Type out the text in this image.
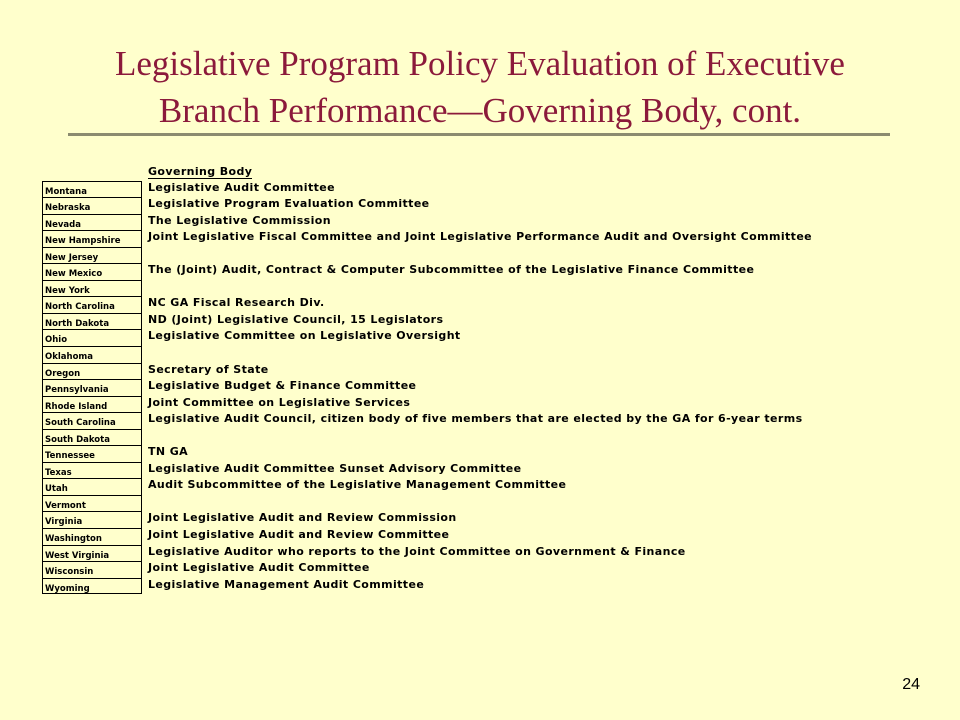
Legislative Program Policy Evaluation of Executive
Branch Performance—Governing Body, cont.
Governing Body
Montana	Legislative Audit Committee
Nebraska	Legislative Program Evaluation Committee
Nevada	The Legislative Commission
New Hampshire	Joint Legislative Fiscal Committee and Joint Legislative Performance Audit and Oversight Committee
New Jersey
New Mexico	The (Joint) Audit, Contract & Computer Subcommittee of the Legislative Finance Committee
New York
North Carolina	NC GA Fiscal Research Div.
North Dakota	ND (Joint) Legislative Council, 15 Legislators
Ohio	Legislative Committee on Legislative Oversight
Oklahoma
Oregon	Secretary of State
Pennsylvania	Legislative Budget & Finance Committee
Rhode Island	Joint Committee on Legislative Services
South Carolina	Legislative Audit Council, citizen body of five members that are elected by the GA for 6-year terms
South Dakota
Tennessee	TN GA
Texas	Legislative Audit Committee Sunset Advisory Committee
Utah	Audit Subcommittee of the Legislative Management Committee
Vermont
Virginia	Joint Legislative Audit and Review Commission
Washington	Joint Legislative Audit and Review Committee
West Virginia	Legislative Auditor who reports to the Joint Committee on Government & Finance
Wisconsin	Joint Legislative Audit Committee
Wyoming	Legislative Management Audit Committee
24
